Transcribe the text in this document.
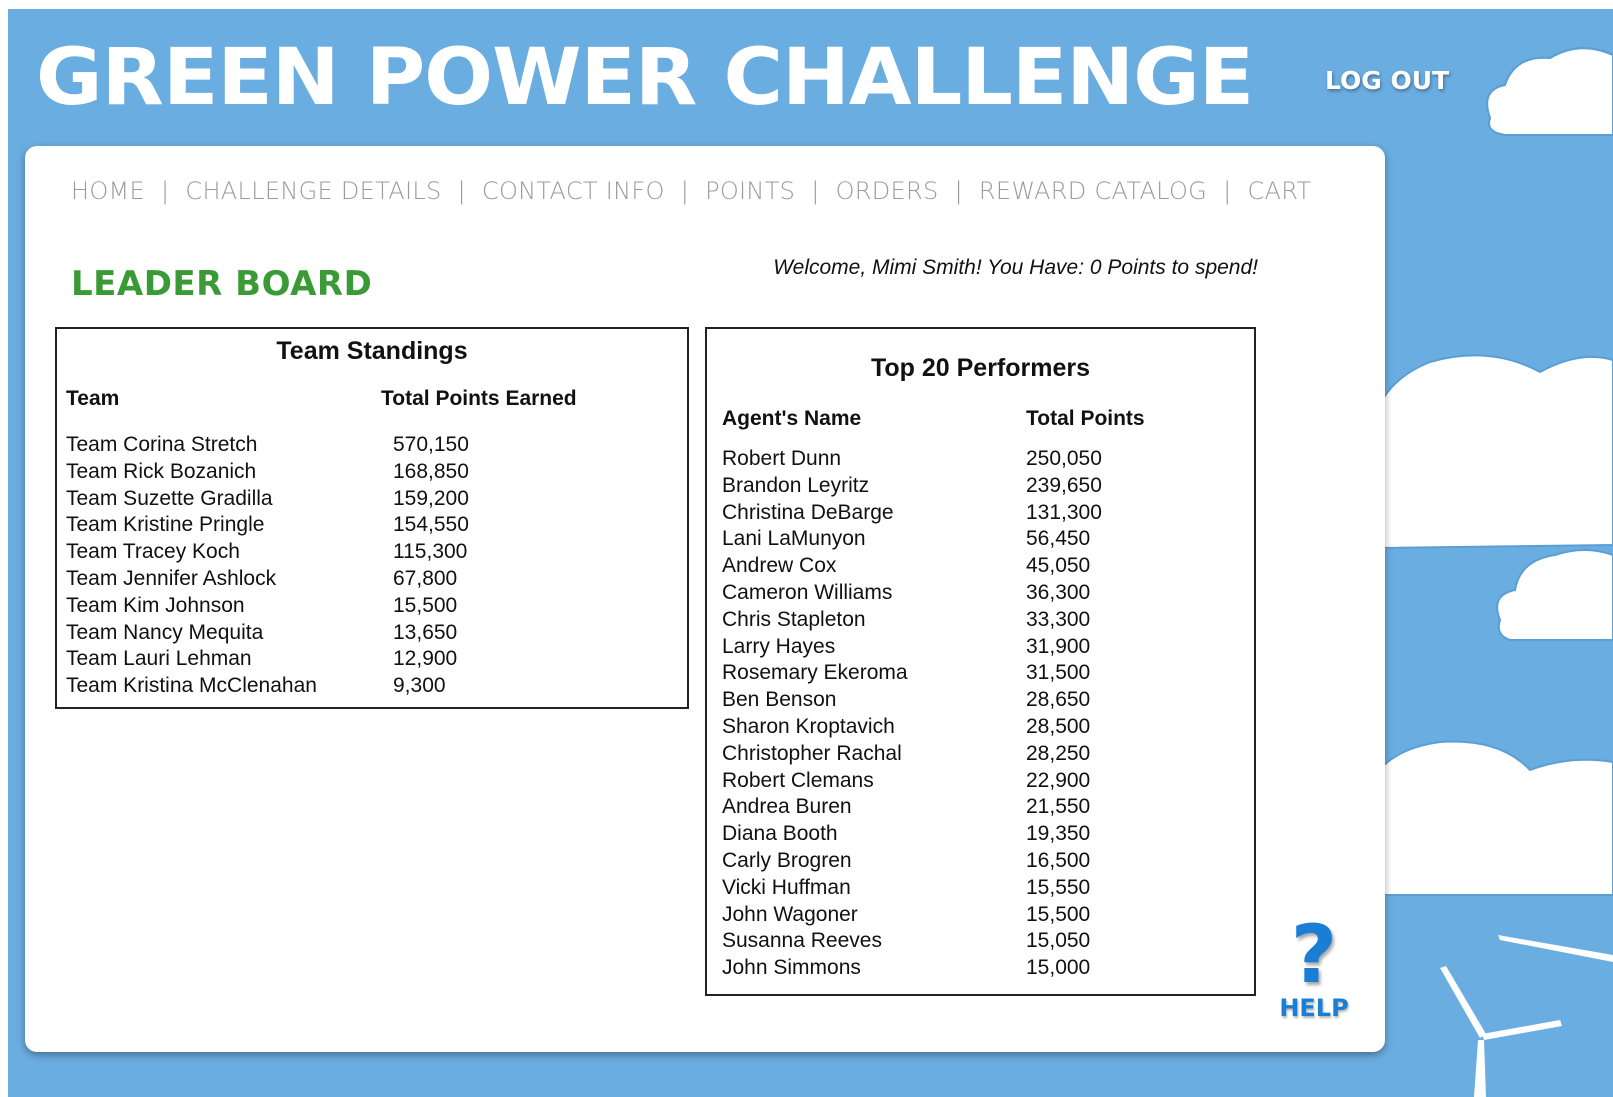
GREEN POWER CHALLENGE	LOG OUT
HOME | CHALLENGE DETAILS | CONTACT INFO | POINTS | ORDERS | REWARD CATALOG | CART
LEADER BOARD	Welcome, Mimi Smith! You Have: 0 Points to spend!
Team Standings
Team	Total Points Earned
Team Corina Stretch	570,150
Team Rick Bozanich	168,850
Team Suzette Gradilla	159,200
Team Kristine Pringle	154,550
Team Tracey Koch	115,300
Team Jennifer Ashlock	67,800
Team Kim Johnson	15,500
Team Nancy Mequita	13,650
Team Lauri Lehman	12,900
Team Kristina McClenahan	9,300
Top 20 Performers
Agent's Name	Total Points
Robert Dunn	250,050
Brandon Leyritz	239,650
Christina DeBarge	131,300
Lani LaMunyon	56,450
Andrew Cox	45,050
Cameron Williams	36,300
Chris Stapleton	33,300
Larry Hayes	31,900
Rosemary Ekeroma	31,500
Ben Benson	28,650
Sharon Kroptavich	28,500
Christopher Rachal	28,250
Robert Clemans	22,900
Andrea Buren	21,550
Diana Booth	19,350
Carly Brogren	16,500
Vicki Huffman	15,550
John Wagoner	15,500
Susanna Reeves	15,050
John Simmons	15,000	?
HELP
